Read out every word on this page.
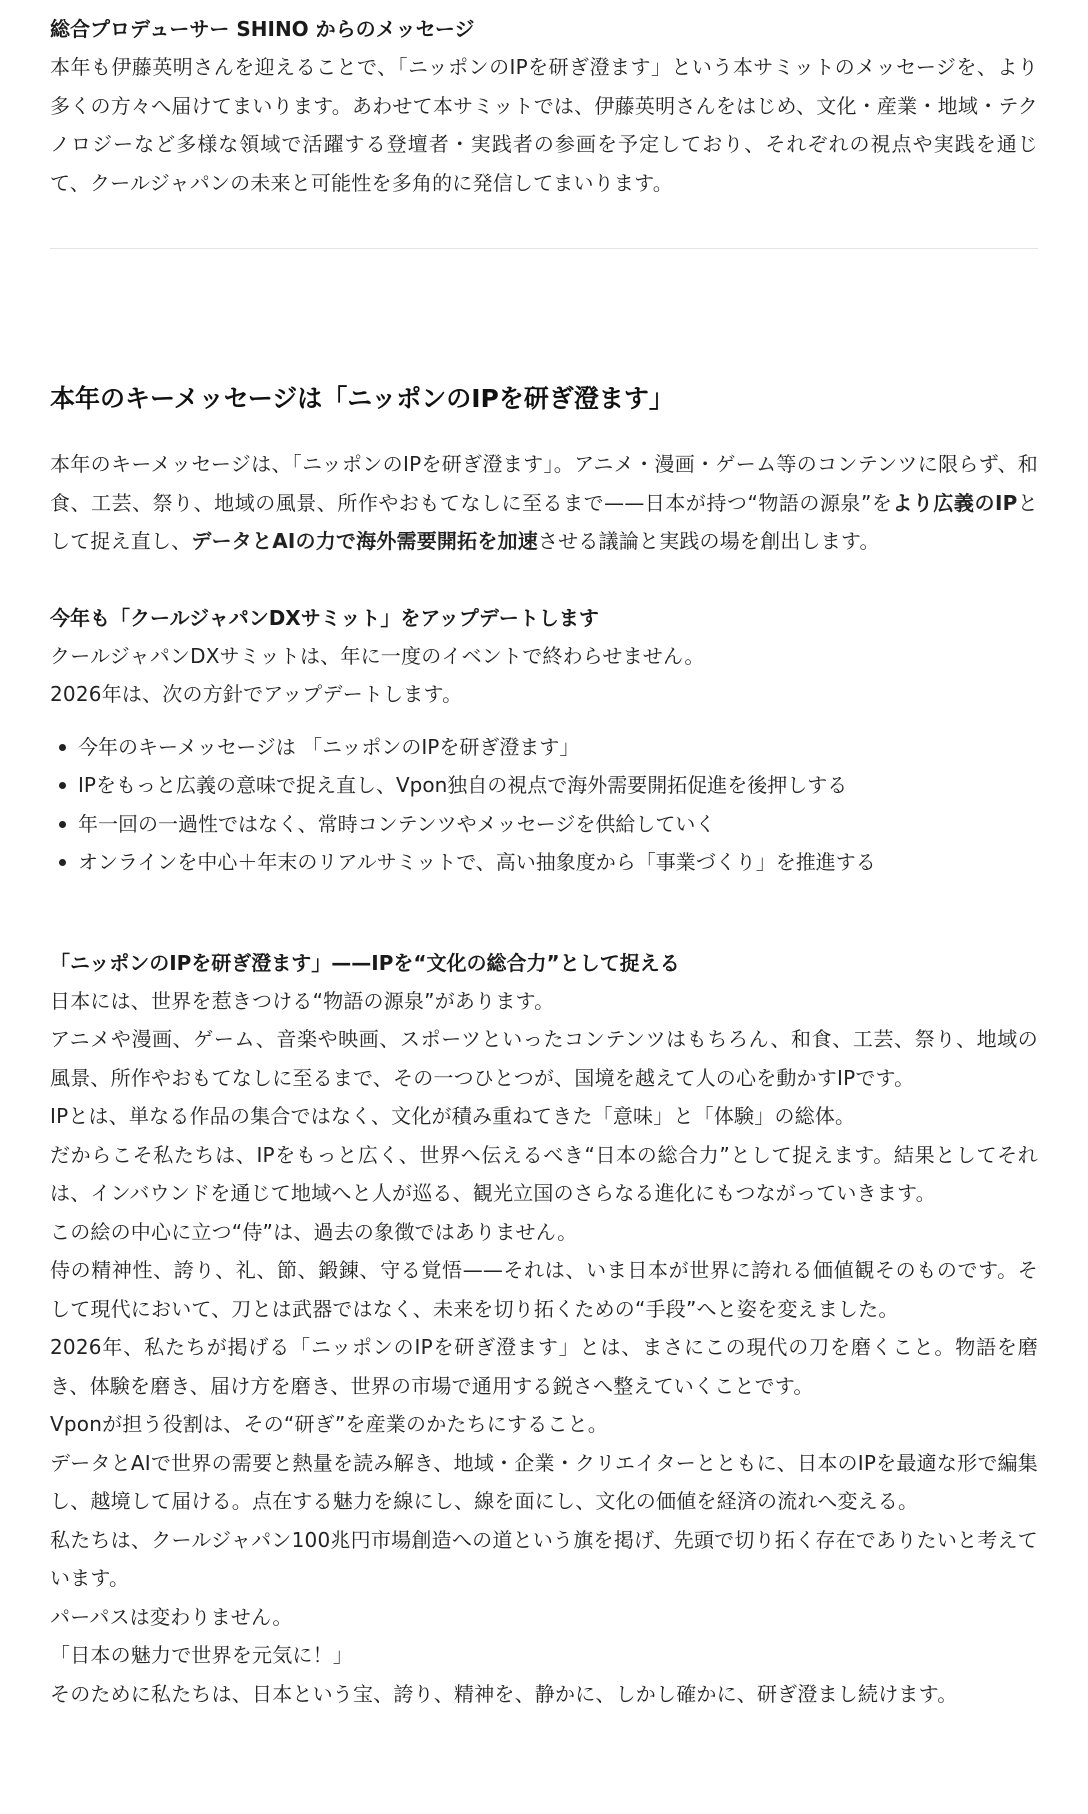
総合プロデューサー SHINO からのメッセージ

本年も伊藤英明さんを迎えることで、「ニッポンのIPを研ぎ澄ます」という本サミットのメッセージを、より多くの方々へ届けてまいります。あわせて本サミットでは、伊藤英明さんをはじめ、文化・産業・地域・テクノロジーなど多様な領域で活躍する登壇者・実践者の参画を予定しており、それぞれの視点や実践を通じて、クールジャパンの未来と可能性を多角的に発信してまいります。

本年のキーメッセージは「ニッポンのIPを研ぎ澄ます」

本年のキーメッセージは、「ニッポンのIPを研ぎ澄ます」。アニメ・漫画・ゲーム等のコンテンツに限らず、和食、工芸、祭り、地域の風景、所作やおもてなしに至るまで——日本が持つ“物語の源泉”をより広義のIPとして捉え直し、データとAIの力で海外需要開拓を加速させる議論と実践の場を創出します。

今年も「クールジャパンDXサミット」をアップデートします

クールジャパンDXサミットは、年に一度のイベントで終わらせません。

2026年は、次の方針でアップデートします。

今年のキーメッセージは 「ニッポンのIPを研ぎ澄ます」
IPをもっと広義の意味で捉え直し、Vpon独自の視点で海外需要開拓促進を後押しする
年一回の一過性ではなく、常時コンテンツやメッセージを供給していく
オンラインを中心＋年末のリアルサミットで、高い抽象度から「事業づくり」を推進する

「ニッポンのIPを研ぎ澄ます」——IPを“文化の総合力”として捉える

日本には、世界を惹きつける“物語の源泉”があります。

アニメや漫画、ゲーム、音楽や映画、スポーツといったコンテンツはもちろん、和食、工芸、祭り、地域の風景、所作やおもてなしに至るまで、その一つひとつが、国境を越えて人の心を動かすIPです。

IPとは、単なる作品の集合ではなく、文化が積み重ねてきた「意味」と「体験」の総体。

だからこそ私たちは、IPをもっと広く、世界へ伝えるべき“日本の総合力”として捉えます。結果としてそれは、インバウンドを通じて地域へと人が巡る、観光立国のさらなる進化にもつながっていきます。

この絵の中心に立つ“侍”は、過去の象徴ではありません。

侍の精神性、誇り、礼、節、鍛錬、守る覚悟——それは、いま日本が世界に誇れる価値観そのものです。そして現代において、刀とは武器ではなく、未来を切り拓くための“手段”へと姿を変えました。

2026年、私たちが掲げる「ニッポンのIPを研ぎ澄ます」とは、まさにこの現代の刀を磨くこと。物語を磨き、体験を磨き、届け方を磨き、世界の市場で通用する鋭さへ整えていくことです。

Vponが担う役割は、その“研ぎ”を産業のかたちにすること。

データとAIで世界の需要と熱量を読み解き、地域・企業・クリエイターとともに、日本のIPを最適な形で編集し、越境して届ける。点在する魅力を線にし、線を面にし、文化の価値を経済の流れへ変える。

私たちは、クールジャパン100兆円市場創造への道という旗を掲げ、先頭で切り拓く存在でありたいと考えています。

パーパスは変わりません。

「日本の魅力で世界を元気に！」

そのために私たちは、日本という宝、誇り、精神を、静かに、しかし確かに、研ぎ澄まし続けます。
